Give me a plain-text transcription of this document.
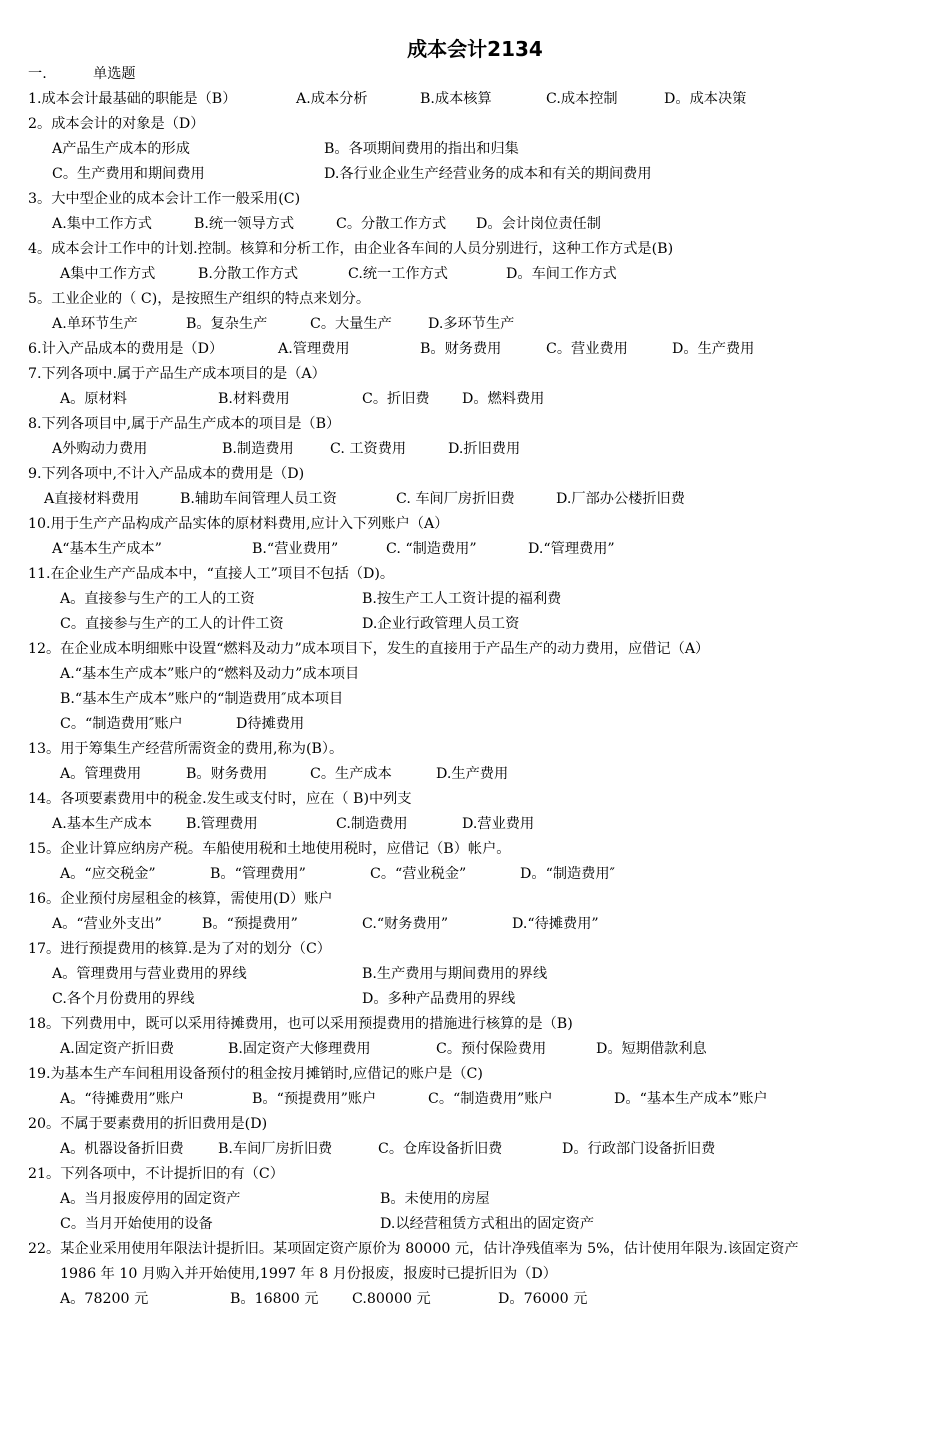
成本会计2134

一.

	单选题

1.成本会计最基础的职能是（B）

	A.成本分析

	B.成本核算

	C.成本控制

	D。成本决策

2。成本会计的对象是（D）

A产品生产成本的形成

	B。各项期间费用的指出和归集

C。生产费用和期间费用

	D.各行业企业生产经营业务的成本和有关的期间费用

3。大中型企业的成本会计工作一般采用(C)

A.集中工作方式

	B.统一领导方式

	C。分散工作方式

D。会计岗位责任制

4。成本会计工作中的计划.控制。核算和分析工作，由企业各车间的人员分别进行，这种工作方式是(B)

A集中工作方式

	B.分散工作方式

	C.统一工作方式

	D。车间工作方式

5。工业企业的（ C)，是按照生产组织的特点来划分。

A.单环节生产

	B。复杂生产

	C。大量生产

	D.多环节生产

6.计入产品成本的费用是（D）

	A.管理费用

	B。财务费用

	C。营业费用

	D。生产费用

7.下列各项中.属于产品生产成本项目的是（A）

A。原材料

	B.材料费用

	C。折旧费

D。燃料费用

8.下列各项目中,属于产品生产成本的项目是（B）

A外购动力费用

	B.制造费用

	C. 工资费用

	D.折旧费用

9.下列各项中,不计入产品成本的费用是（D)

A直接材料费用

	B.辅助车间管理人员工资

	C. 车间厂房折旧费

	D.厂部办公楼折旧费

10.用于生产产品构成产品实体的原材料费用,应计入下列账户（A）

A“基本生产成本”

	B.“营业费用”

	C. “制造费用”

	D.“管理费用”

11.在企业生产产品成本中，“直接人工”项目不包括（D)。

A。直接参与生产的工人的工资

	B.按生产工人工资计提的福利费

C。直接参与生产的工人的计件工资

	D.企业行政管理人员工资

12。在企业成本明细账中设置“燃料及动力”成本项目下，发生的直接用于产品生产的动力费用，应借记（A）
A.“基本生产成本”账户的“燃料及动力”成本项目
B.“基本生产成本”账户的“制造费用″成本项目

C。“制造费用″账户

	D待摊费用

13。用于筹集生产经营所需资金的费用,称为(B）。

A。管理费用

	B。财务费用

	C。生产成本

	D.生产费用

14。各项要素费用中的税金.发生或支付时，应在（ B)中列支

A.基本生产成本

B.管理费用

	C.制造费用

	D.营业费用

15。企业计算应纳房产税。车船使用税和土地使用税时，应借记（B）帐户。

A。“应交税金”

	B。“管理费用”

	C。“营业税金”

	D。“制造费用″

16。企业预付房屋租金的核算，需使用(D）账户

A。“营业外支出”

	B。“预提费用”

	C.“财务费用”

	D.“待摊费用”

17。进行预提费用的核算.是为了对的划分（C）

A。管理费用与营业费用的界线

	B.生产费用与期间费用的界线

C.各个月份费用的界线

	D。多种产品费用的界线

18。下列费用中，既可以采用待摊费用，也可以采用预提费用的措施进行核算的是（B)

A.固定资产折旧费

	B.固定资产大修理费用

	C。预付保险费用

	D。短期借款利息

19.为基本生产车间租用设备预付的租金按月摊销时,应借记的账户是（C)

A。“待摊费用”账户

	B。“预提费用”账户

	C。“制造费用”账户

	D。“基本生产成本”账户

20。不属于要素费用的折旧费用是(D)

A。机器设备折旧费

B.车间厂房折旧费

	C。仓库设备折旧费

	D。行政部门设备折旧费

21。下列各项中，不计提折旧的有（C）

A。当月报废停用的固定资产

	B。未使用的房屋

C。当月开始使用的设备

	D.以经营租赁方式租出的固定资产

22。某企业采用使用年限法计提折旧。某项固定资产原价为 80000 元，估计净残值率为 5%，估计使用年限为.该固定资产
1986 年 10 月购入并开始使用,1997 年 8 月份报废，报废时已提折旧为（D）

A。78200 元

	B。16800 元

C.80000 元

	D。76000 元
